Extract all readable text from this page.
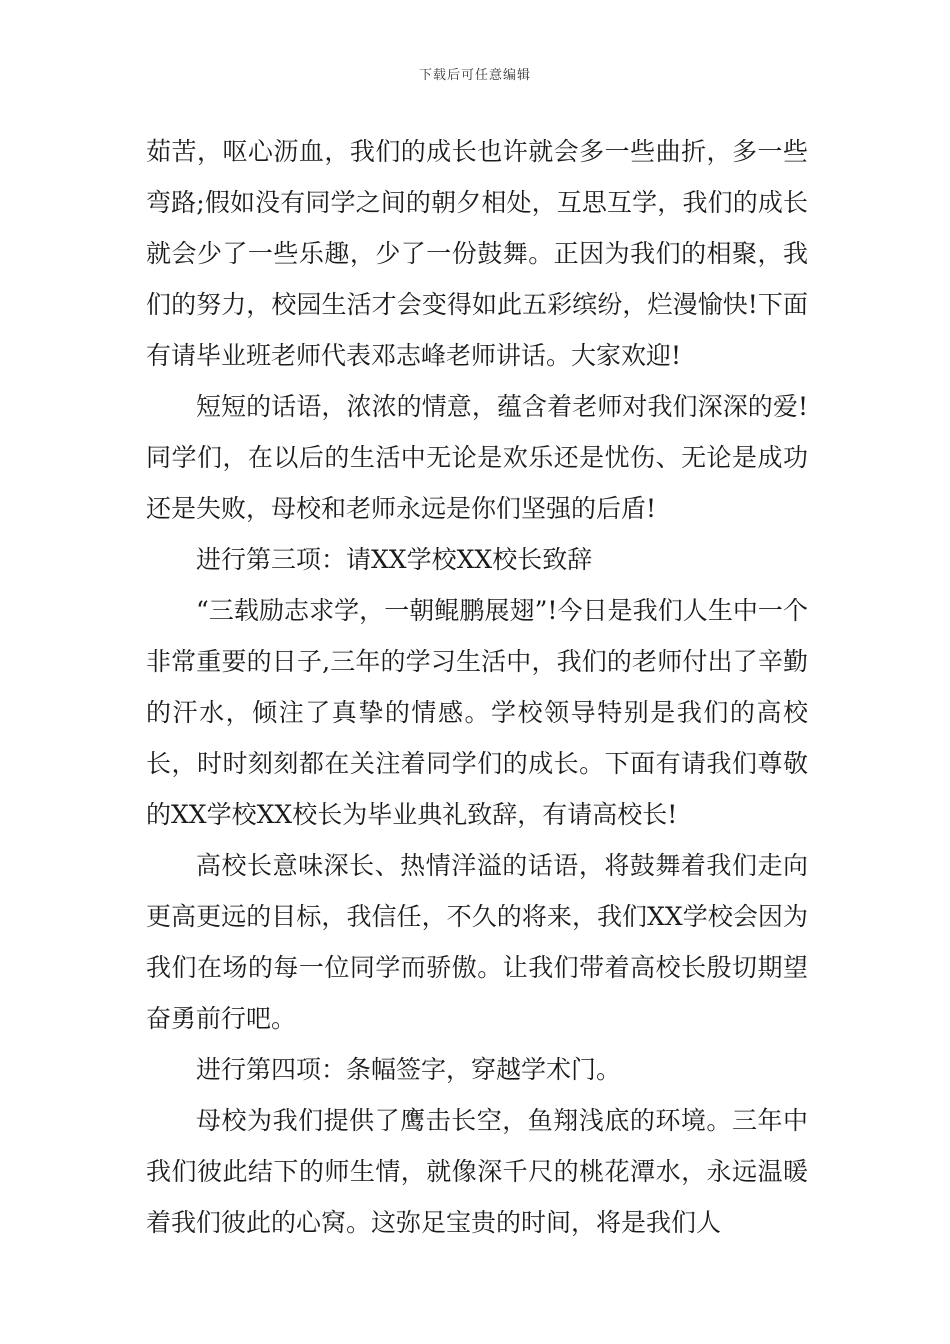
下载后可任意编辑

茹苦，呕心沥血，我们的成长也许就会多一些曲折，多一些弯路;假如没有同学之间的朝夕相处，互思互学，我们的成长就会少了一些乐趣，少了一份鼓舞。正因为我们的相聚，我们的努力，校园生活才会变得如此五彩缤纷，烂漫愉快!下面有请毕业班老师代表邓志峰老师讲话。大家欢迎!

短短的话语，浓浓的情意，蕴含着老师对我们深深的爱!同学们，在以后的生活中无论是欢乐还是忧伤、无论是成功还是失败，母校和老师永远是你们坚强的后盾!

进行第三项：请XX学校XX校长致辞

“三载励志求学，一朝鲲鹏展翅”!今日是我们人生中一个非常重要的日子,三年的学习生活中，我们的老师付出了辛勤的汗水，倾注了真挚的情感。学校领导特别是我们的高校长，时时刻刻都在关注着同学们的成长。下面有请我们尊敬的XX学校XX校长为毕业典礼致辞，有请高校长!

高校长意味深长、热情洋溢的话语，将鼓舞着我们走向更高更远的目标，我信任，不久的将来，我们XX学校会因为我们在场的每一位同学而骄傲。让我们带着高校长殷切期望奋勇前行吧。

进行第四项：条幅签字，穿越学术门。

母校为我们提供了鹰击长空，鱼翔浅底的环境。三年中我们彼此结下的师生情，就像深千尺的桃花潭水，永远温暖着我们彼此的心窝。这弥足宝贵的时间，将是我们人
